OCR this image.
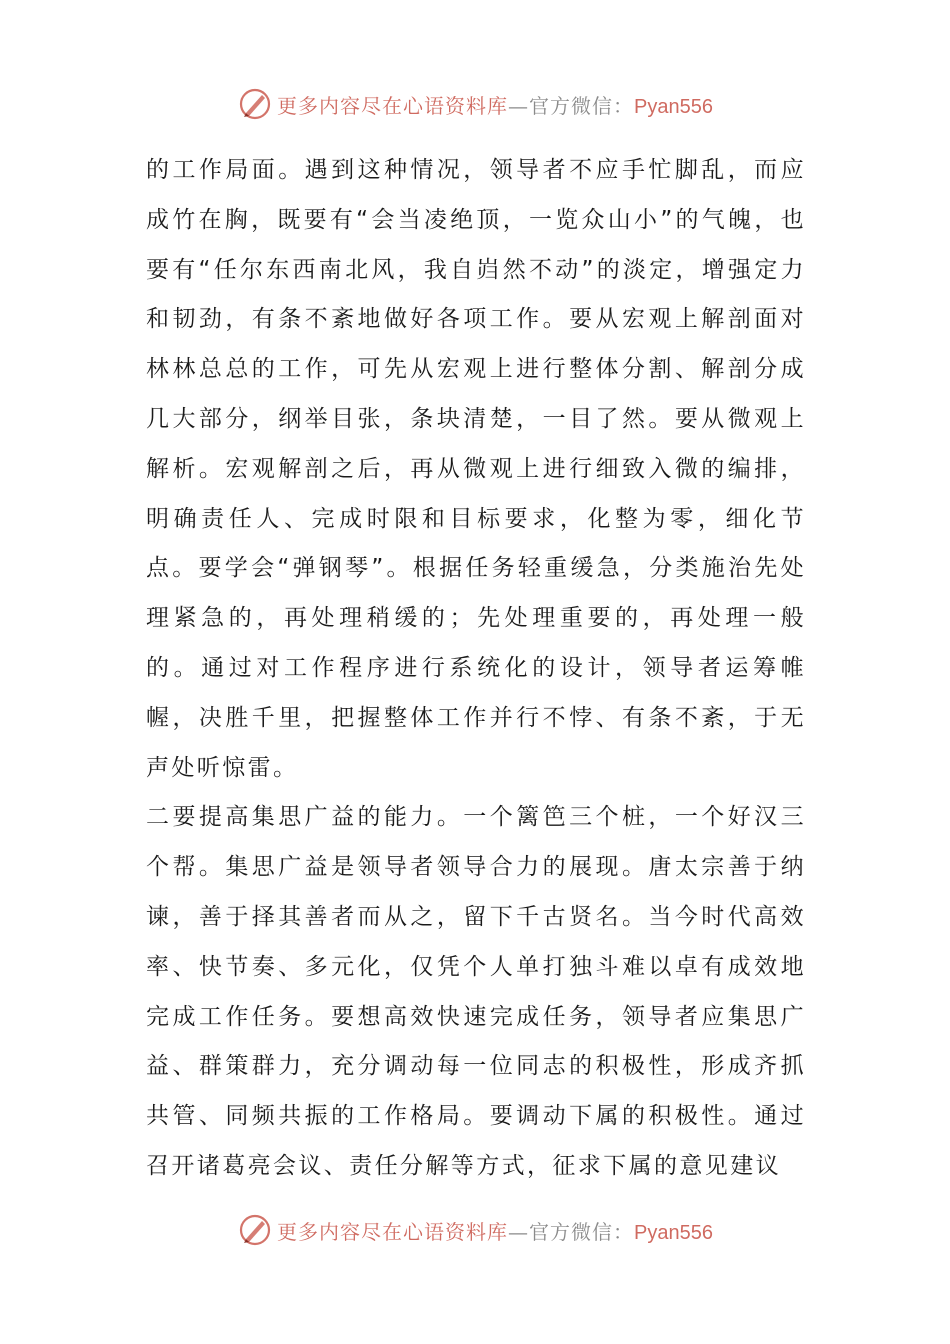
更多内容尽在心语资料库 —官方微信： Pyan556

的工作局面。遇到这种情况，领导者不应手忙脚乱，而应成竹在胸，既要有“会当凌绝顶，一览众山小”的气魄，也要有“任尔东西南北风，我自岿然不动”的淡定，增强定力和韧劲，有条不紊地做好各项工作。要从宏观上解剖面对林林总总的工作，可先从宏观上进行整体分割、解剖分成几大部分，纲举目张，条块清楚，一目了然。要从微观上解析。宏观解剖之后，再从微观上进行细致入微的编排，明确责任人、完成时限和目标要求，化整为零，细化节点。要学会“弹钢琴”。根据任务轻重缓急，分类施治先处理紧急的，再处理稍缓的；先处理重要的，再处理一般的。通过对工作程序进行系统化的设计，领导者运筹帷幄，决胜千里，把握整体工作并行不悖、有条不紊，于无声处听惊雷。

二要提高集思广益的能力。一个篱笆三个桩，一个好汉三个帮。集思广益是领导者领导合力的展现。唐太宗善于纳谏，善于择其善者而从之，留下千古贤名。当今时代高效率、快节奏、多元化，仅凭个人单打独斗难以卓有成效地完成工作任务。要想高效快速完成任务，领导者应集思广益、群策群力，充分调动每一位同志的积极性，形成齐抓共管、同频共振的工作格局。要调动下属的积极性。通过召开诸葛亮会议、责任分解等方式，征求下属的意见建议

更多内容尽在心语资料库 —官方微信： Pyan556
